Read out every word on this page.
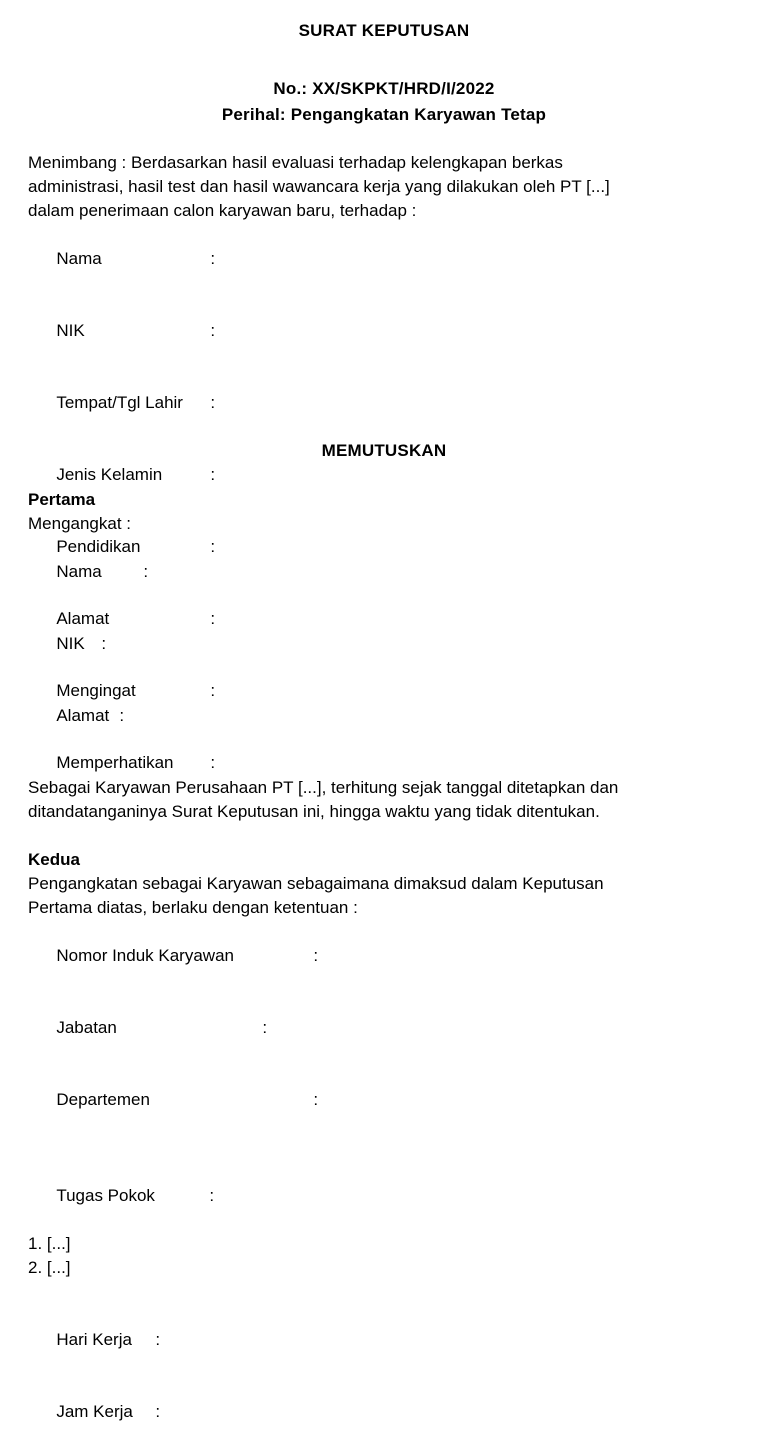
SURAT KEPUTUSAN
No.: XX/SKPKT/HRD/I/2022
Perihal: Pengangkatan Karyawan Tetap
Menimbang : Berdasarkan hasil evaluasi terhadap kelengkapan berkas
administrasi, hasil test dan hasil wawancara kerja yang dilakukan oleh PT [...]
dalam penerimaan calon karyawan baru, terhadap :

Nama	:

NIK	:

Tempat/Tgl Lahir :

Jenis Kelamin	:

Pendidikan	:

Alamat	:

Mengingat	:

Memperhatikan :

MEMUTUSKAN
Pertama
Mengangkat :

Nama :

NIK :

Alamat :

Sebagai Karyawan Perusahaan PT [...], terhitung sejak tanggal ditetapkan dan
ditandatanganinya Surat Keputusan ini, hingga waktu yang tidak ditentukan.
Kedua
Pengangkatan sebagai Karyawan sebagaimana dimaksud dalam Keputusan
Pertama diatas, berlaku dengan ketentuan :

Nomor Induk Karyawan	:

Jabatan	:

Departemen	:

Tugas Pokok	:

1. [...]
2. [...]

Hari Kerja :

Jam Kerja :
